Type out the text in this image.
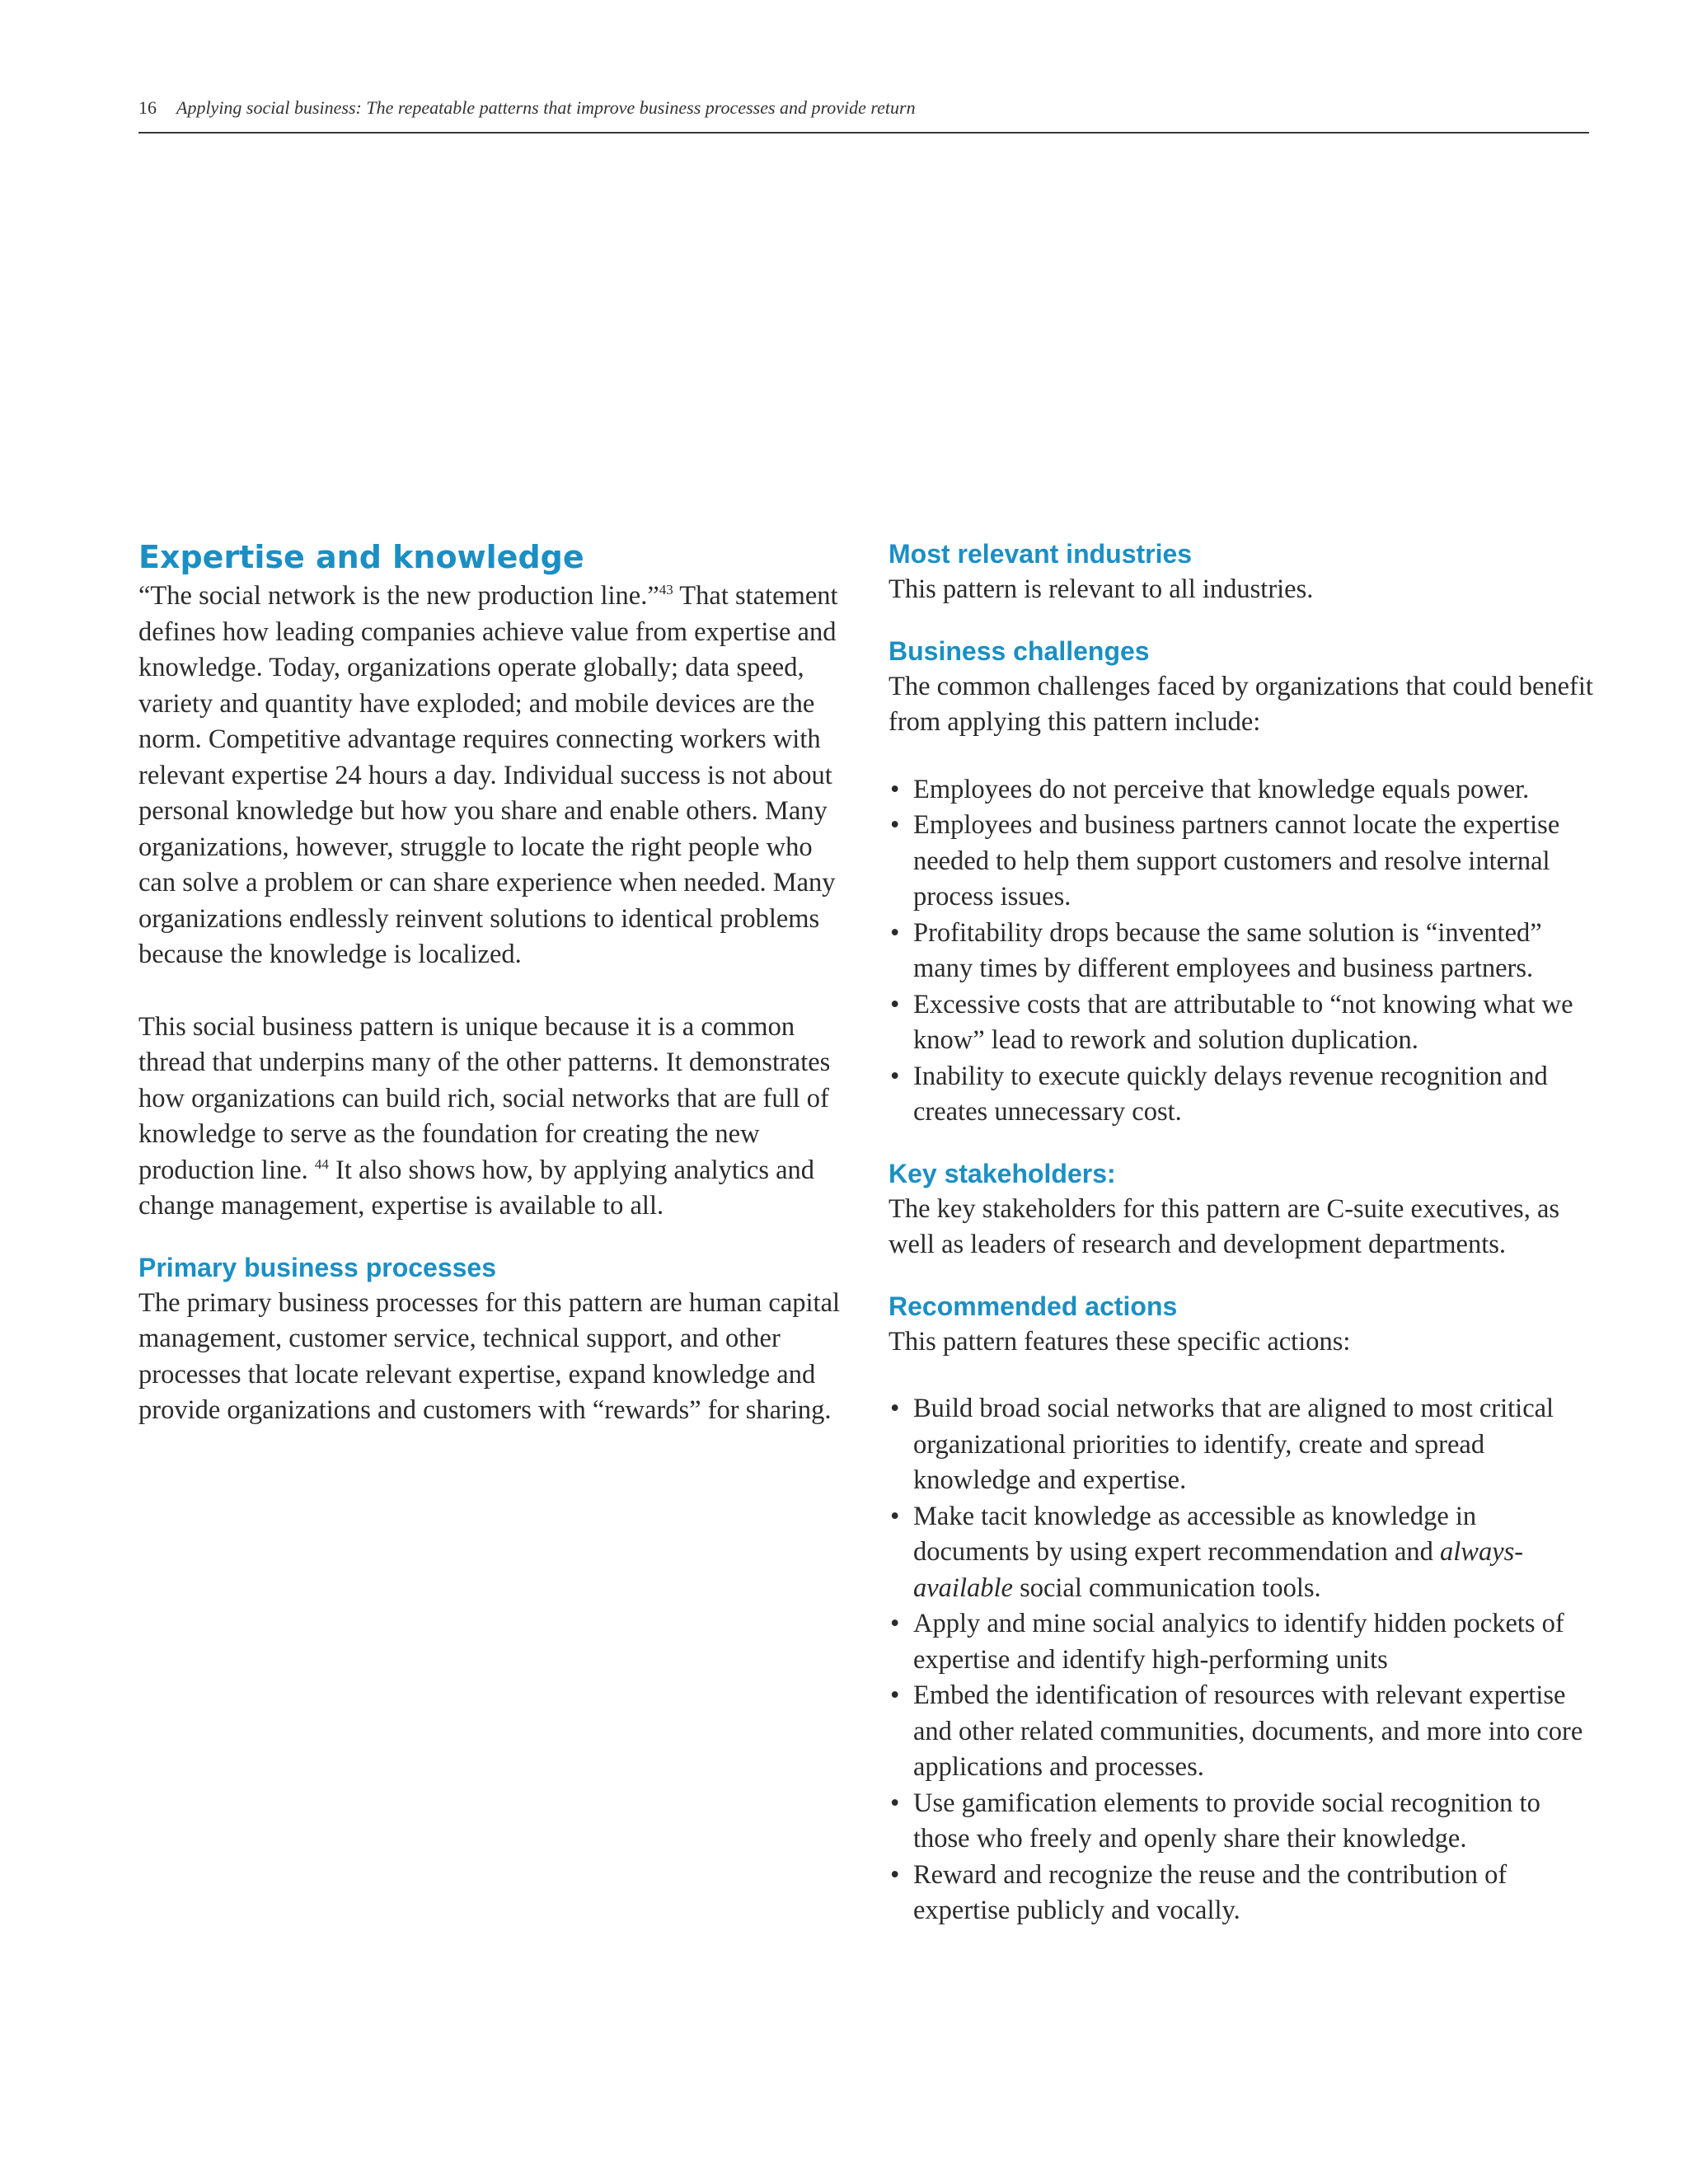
16 Applying social business: The repeatable patterns that improve business processes and provide return
Expertise and knowledge

“The social network is the new production line.”$^{43}$ That statement defines how leading companies achieve value from expertise and knowledge. Today, organizations operate globally; data speed, variety and quantity have exploded; and mobile devices are the norm. Competitive advantage requires connecting workers with relevant expertise 24 hours a day. Individual success is not about personal knowledge but how you share and enable others. Many organizations, however, struggle to locate the right people who can solve a problem or can share experience when needed. Many organizations endlessly reinvent solutions to identical problems because the knowledge is localized.

This social business pattern is unique because it is a common thread that underpins many of the other patterns. It demonstrates how organizations can build rich, social networks that are full of knowledge to serve as the foundation for creating the new production line. $^{44}$ It also shows how, by applying analytics and change management, expertise is available to all.

Primary business processes

The primary business processes for this pattern are human capital management, customer service, technical support, and other processes that locate relevant expertise, expand knowledge and provide organizations and customers with “rewards” for sharing.

Most relevant industries

This pattern is relevant to all industries.

Business challenges

The common challenges faced by organizations that could benefit from applying this pattern include:

• Employees do not perceive that knowledge equals power.
• Employees and business partners cannot locate the expertise needed to help them support customers and resolve internal process issues.
• Profitability drops because the same solution is “invented” many times by different employees and business partners.
• Excessive costs that are attributable to “not knowing what we know” lead to rework and solution duplication.
• Inability to execute quickly delays revenue recognition and creates unnecessary cost.
Key stakeholders:

The key stakeholders for this pattern are C-suite executives, as well as leaders of research and development departments.

Recommended actions

This pattern features these specific actions:

• Build broad social networks that are aligned to most critical organizational priorities to identify, create and spread knowledge and expertise.
• Make tacit knowledge as accessible as knowledge in documents by using expert recommendation and always-available social communication tools.
• Apply and mine social analyics to identify hidden pockets of expertise and identify high-performing units
• Embed the identification of resources with relevant expertise and other related communities, documents, and more into core applications and processes.
• Use gamification elements to provide social recognition to those who freely and openly share their knowledge.
• Reward and recognize the reuse and the contribution of expertise publicly and vocally.
